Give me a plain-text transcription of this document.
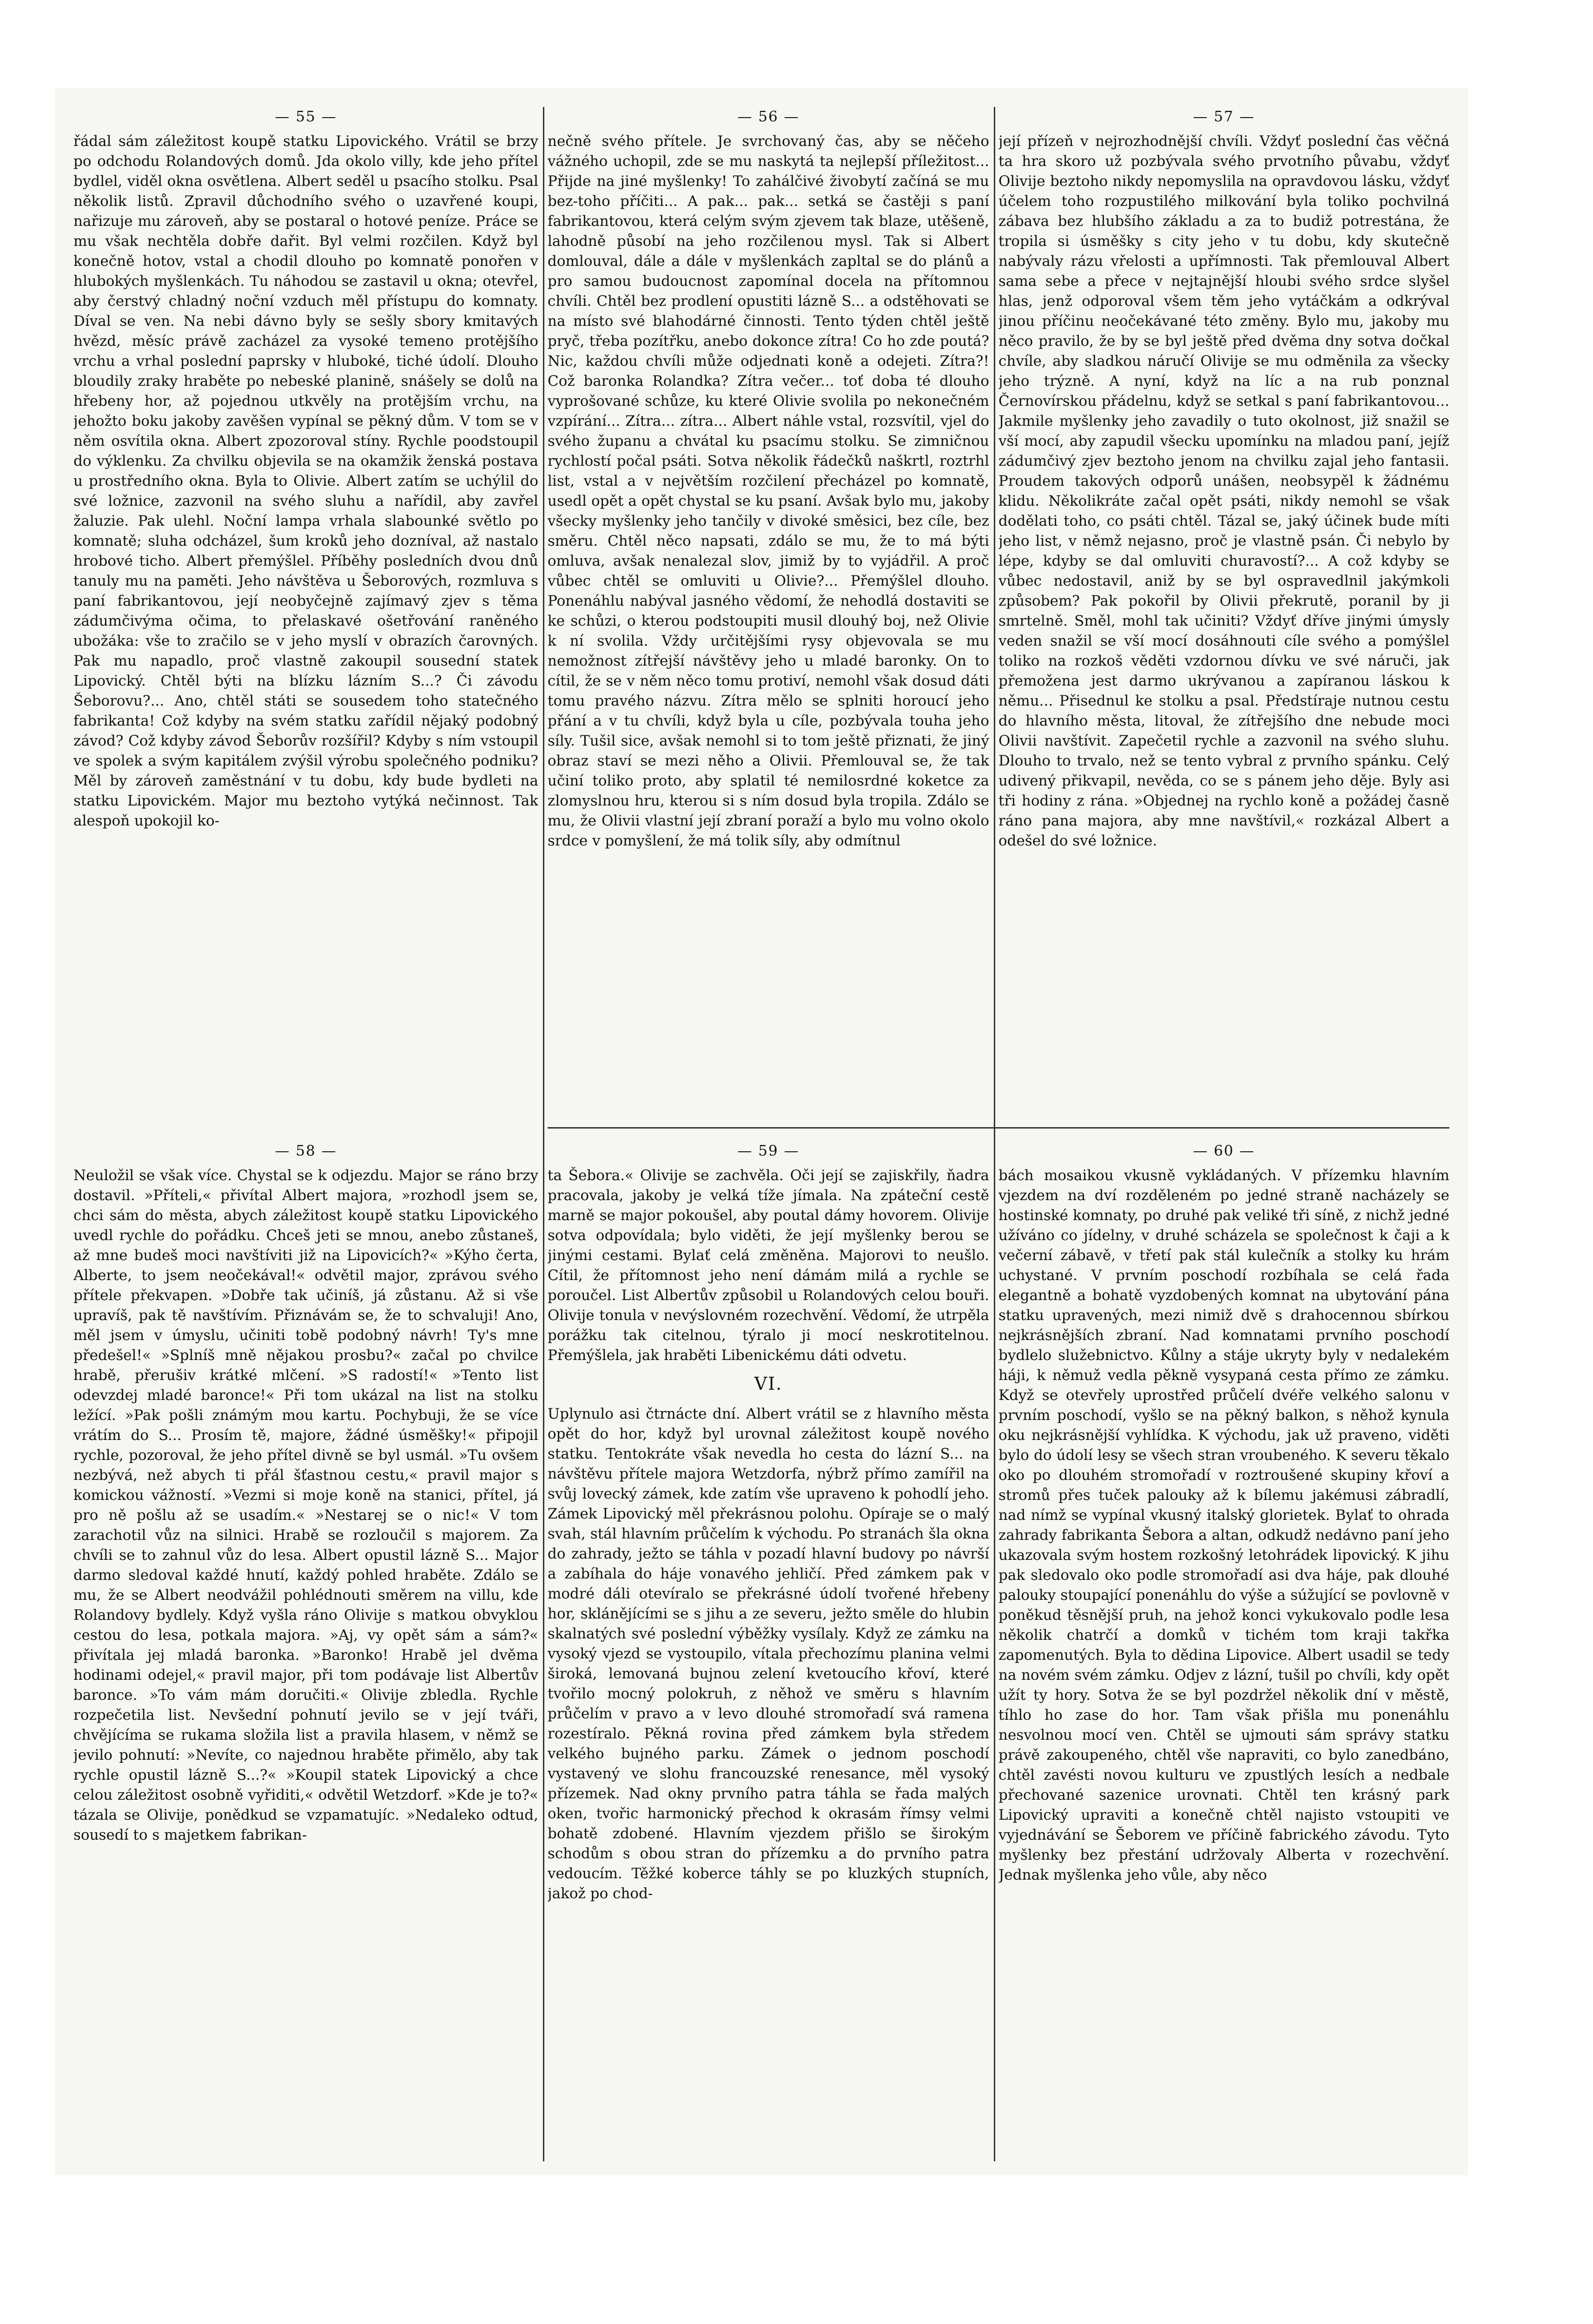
— 55 —

řádal sám záležitost koupě statku Lipovického. Vrátil se brzy po odchodu Rolandových domů. Jda okolo villy, kde jeho přítel bydlel, viděl okna osvětlena. Albert seděl u psacího stolku. Psal několik listů. Zpravil důchodního svého o uzavřené koupi, nařizuje mu zároveň, aby se postaral o hotové peníze. Práce se mu však nechtěla dobře dařit. Byl velmi rozčilen. Když byl konečně hotov, vstal a chodil dlouho po komnatě ponořen v hlubokých myšlenkách. Tu náhodou se zastavil u okna; otevřel, aby čerstvý chladný noční vzduch měl přístupu do komnaty. Díval se ven. Na nebi dávno byly se sešly sbory kmitavých hvězd, měsíc právě zacházel za vysoké temeno protějšího vrchu a vrhal poslední paprsky v hluboké, tiché údolí. Dlouho bloudily zraky hraběte po nebeské planině, snášely se dolů na hřebeny hor, až pojednou utkvěly na protějším vrchu, na jehožto boku jakoby zavěšen vypínal se pěkný dům. V tom se v něm osvítila okna. Albert zpozoroval stíny. Rychle poodstoupil do výklenku. Za chvilku objevila se na okamžik ženská postava u prostředního okna. Byla to Olivie. Albert zatím se uchýlil do své ložnice, zazvonil na svého sluhu a nařídil, aby zavřel žaluzie. Pak ulehl. Noční lampa vrhala slabounké světlo po komnatě; sluha odcházel, šum kroků jeho dozníval, až nastalo hrobové ticho. Albert přemýšlel. Příběhy posledních dvou dnů tanuly mu na paměti. Jeho návštěva u Šeborových, rozmluva s paní fabrikantovou, její neobyčejně zajímavý zjev s těma zádumčivýma očima, to přelaskavé ošetřování raněného ubožáka: vše to zračilo se v jeho myslí v obrazích čarovných. Pak mu napadlo, proč vlastně zakoupil sousední statek Lipovický. Chtěl býti na blízku lázním S...? Či závodu Šeborovu?... Ano, chtěl státi se sousedem toho statečného fabrikanta! Což kdyby na svém statku zařídil nějaký podobný závod? Což kdyby závod Šeborův rozšířil? Kdyby s ním vstoupil ve spolek a svým kapitálem zvýšil výrobu společného podniku? Měl by zároveň zaměstnání v tu dobu, kdy bude bydleti na statku Lipovickém. Major mu beztoho vytýká nečinnost. Tak alespoň upokojil ko-

— 56 —

nečně svého přítele. Je svrchovaný čas, aby se něčeho vážného uchopil, zde se mu naskytá ta nejlepší příležitost... Přijde na jiné myšlenky! To zahálčivé živobytí začíná se mu bez-toho příčiti... A pak... pak... setká se častěji s paní fabrikantovou, která celým svým zjevem tak blaze, utěšeně, lahodně působí na jeho rozčilenou mysl. Tak si Albert domlouval, dále a dále v myšlenkách zapltal se do plánů a pro samou budoucnost zapomínal docela na přítomnou chvíli. Chtěl bez prodlení opustiti lázně S... a odstěhovati se na místo své blahodárné činnosti. Tento týden chtěl ještě pryč, třeba pozítřku, anebo dokonce zítra! Co ho zde poutá? Nic, každou chvíli může odjednati koně a odejeti. Zítra?! Což baronka Rolandka? Zítra večer... toť doba té dlouho vyprošované schůze, ku které Olivie svolila po nekonečném vzpírání... Zítra... zítra... Albert náhle vstal, rozsvítil, vjel do svého županu a chvátal ku psacímu stolku. Se zimničnou rychlostí počal psáti. Sotva několik řádečků naškrtl, roztrhl list, vstal a v největším rozčilení přecházel po komnatě, usedl opět a opět chystal se ku psaní. Avšak bylo mu, jakoby všecky myšlenky jeho tančily v divoké směsici, bez cíle, bez směru. Chtěl něco napsati, zdálo se mu, že to má býti omluva, avšak nenalezal slov, jimiž by to vyjádřil. A proč vůbec chtěl se omluviti u Olivie?... Přemýšlel dlouho. Ponenáhlu nabýval jasného vědomí, že nehodlá dostaviti se ke schůzi, o kterou podstoupiti musil dlouhý boj, než Olivie k ní svolila. Vždy určitějšími rysy objevovala se mu nemožnost zítřejší návštěvy jeho u mladé baronky. On to cítil, že se v něm něco tomu protiví, nemohl však dosud dáti tomu pravého názvu. Zítra mělo se splniti horoucí jeho přání a v tu chvíli, když byla u cíle, pozbývala touha jeho síly. Tušil sice, avšak nemohl si to tom ještě přiznati, že jiný obraz staví se mezi něho a Olivii. Přemlouval se, že tak učiní toliko proto, aby splatil té nemilosrdné koketce za zlomyslnou hru, kterou si s ním dosud byla tropila. Zdálo se mu, že Olivii vlastní její zbraní poraží a bylo mu volno okolo srdce v pomyšlení, že má tolik síly, aby odmítnul

— 57 —

její přízeň v nejrozhodnější chvíli. Vždyť poslední čas věčná ta hra skoro už pozbývala svého prvotního půvabu, vždyť Olivije beztoho nikdy nepomyslila na opravdovou lásku, vždyť účelem toho rozpustilého milkování byla toliko pochvilná zábava bez hlubšího základu a za to budiž potrestána, že tropila si úsměšky s city jeho v tu dobu, kdy skutečně nabývaly rázu vřelosti a upřímnosti. Tak přemlouval Albert sama sebe a přece v nejtajnější hloubi svého srdce slyšel hlas, jenž odporoval všem těm jeho vytáčkám a odkrýval jinou příčinu neočekávané této změny. Bylo mu, jakoby mu něco pravilo, že by se byl ještě před dvěma dny sotva dočkal chvíle, aby sladkou náručí Olivije se mu odměnila za všecky jeho trýzně. A nyní, když na líc a na rub ponznal Černovírskou přádelnu, když se setkal s paní fabrikantovou... Jakmile myšlenky jeho zavadily o tuto okolnost, již snažil se vší mocí, aby zapudil všecku upomínku na mladou paní, jejíž zádumčivý zjev beztoho jenom na chvilku zajal jeho fantasii. Proudem takových odporů unášen, neobsypěl k žádnému klidu. Několikráte začal opět psáti, nikdy nemohl se však dodělati toho, co psáti chtěl. Tázal se, jaký účinek bude míti jeho list, v němž nejasno, proč je vlastně psán. Či nebylo by lépe, kdyby se dal omluviti churavostí?... A což kdyby se vůbec nedostavil, aniž by se byl ospravedlnil jakýmkoli způsobem? Pak pokořil by Olivii překrutě, poranil by ji smrtelně. Směl, mohl tak učiniti? Vždyť dříve jinými úmysly veden snažil se vší mocí dosáhnouti cíle svého a pomýšlel toliko na rozkoš věděti vzdornou dívku ve své náruči, jak přemožena jest darmo ukrývanou a zapíranou láskou k němu... Přisednul ke stolku a psal. Předstíraje nutnou cestu do hlavního města, litoval, že zítřejšího dne nebude moci Olivii navštívit. Zapečetil rychle a zazvonil na svého sluhu. Dlouho to trvalo, než se tento vybral z prvního spánku. Celý udivený přikvapil, nevěda, co se s pánem jeho děje. Byly asi tři hodiny z rána. »Objednej na rychlo koně a požádej časně ráno pana majora, aby mne navštívil,« rozkázal Albert a odešel do své ložnice.

— 58 —

Neuložil se však více. Chystal se k odjezdu. Major se ráno brzy dostavil. »Příteli,« přivítal Albert majora, »rozhodl jsem se, chci sám do města, abych záležitost koupě statku Lipovického uvedl rychle do pořádku. Chceš jeti se mnou, anebo zůstaneš, až mne budeš moci navštíviti již na Lipovicích?« »Kýho čerta, Alberte, to jsem neočekával!« odvětil major, zprávou svého přítele překvapen. »Dobře tak učiníš, já zůstanu. Až si vše upravíš, pak tě navštívím. Přiznávám se, že to schvaluji! Ano, měl jsem v úmyslu, učiniti tobě podobný návrh! Ty's mne předešel!« »Splníš mně nějakou prosbu?« začal po chvilce hrabě, přerušiv krátké mlčení. »S radostí!« »Tento list odevzdej mladé baronce!« Při tom ukázal na list na stolku ležící. »Pak pošli známým mou kartu. Pochybuji, že se více vrátím do S... Prosím tě, majore, žádné úsměšky!« připojil rychle, pozoroval, že jeho přítel divně se byl usmál. »Tu ovšem nezbývá, než abych ti přál šťastnou cestu,« pravil major s komickou vážností. »Vezmi si moje koně na stanici, přítel, já pro ně pošlu až se usadím.« »Nestarej se o nic!« V tom zarachotil vůz na silnici. Hrabě se rozloučil s majorem. Za chvíli se to zahnul vůz do lesa. Albert opustil lázně S... Major darmo sledoval každé hnutí, každý pohled hraběte. Zdálo se mu, že se Albert neodvážil pohlédnouti směrem na villu, kde Rolandovy bydlely. Když vyšla ráno Olivije s matkou obvyklou cestou do lesa, potkala majora. »Aj, vy opět sám a sám?« přivítala jej mladá baronka. »Baronko! Hrabě jel dvěma hodinami odejel,« pravil major, při tom podávaje list Albertův baronce. »To vám mám doručiti.« Olivije zbledla. Rychle rozpečetila list. Nevšední pohnutí jevilo se v její tváři, chvějícíma se rukama složila list a pravila hlasem, v němž se jevilo pohnutí: »Nevíte, co najednou hraběte přimělo, aby tak rychle opustil lázně S...?« »Koupil statek Lipovický a chce celou záležitost osobně vyřiditi,« odvětil Wetzdorf. »Kde je to?« tázala se Olivije, ponědkud se vzpamatujíc. »Nedaleko odtud, sousedí to s majetkem fabrikan-

— 59 —

ta Šebora.« Olivije se zachvěla. Oči její se zajiskřily, ňadra pracovala, jakoby je velká tíže jímala. Na zpáteční cestě marně se major pokoušel, aby poutal dámy hovorem. Olivije sotva odpovídala; bylo viděti, že její myšlenky berou se jinými cestami. Bylať celá změněna. Majorovi to neušlo. Cítil, že přítomnost jeho není dámám milá a rychle se poroučel. List Albertův způsobil u Rolandových celou bouři. Olivije tonula v nevýslovném rozechvění. Vědomí, že utrpěla porážku tak citelnou, týralo ji mocí neskrotitelnou. Přemýšlela, jak hraběti Libenickému dáti odvetu.

VI.

Uplynulo asi čtrnácte dní. Albert vrátil se z hlavního města opět do hor, když byl urovnal záležitost koupě nového statku. Tentokráte však nevedla ho cesta do lázní S... na návštěvu přítele majora Wetzdorfa, nýbrž přímo zamířil na svůj lovecký zámek, kde zatím vše upraveno k pohodlí jeho. Zámek Lipovický měl překrásnou polohu. Opíraje se o malý svah, stál hlavním průčelím k východu. Po stranách šla okna do zahrady, ježto se táhla v pozadí hlavní budovy po návrší a zabíhala do háje vonavého jehličí. Před zámkem pak v modré dáli otevíralo se překrásné údolí tvořené hřebeny hor, sklánějícími se s jihu a ze severu, ježto směle do hlubin skalnatých své poslední výběžky vysílaly. Když ze zámku na vysoký vjezd se vystoupilo, vítala přechozímu planina velmi široká, lemovaná bujnou zelení kvetoucího křoví, které tvořilo mocný polokruh, z něhož ve směru s hlavním průčelím v pravo a v levo dlouhé stromořadí svá ramena rozestíralo. Pěkná rovina před zámkem byla středem velkého bujného parku. Zámek o jednom poschodí vystavený ve slohu francouzské renesance, měl vysoký přízemek. Nad okny prvního patra táhla se řada malých oken, tvořic harmonický přechod k okrasám římsy velmi bohatě zdobené. Hlavním vjezdem přišlo se širokým schodům s obou stran do přízemku a do prvního patra vedoucím. Těžké koberce táhly se po kluzkých stupních, jakož po chod-

— 60 —

bách mosaikou vkusně vykládaných. V přízemku hlavním vjezdem na dví rozděleném po jedné straně nacházely se hostinské komnaty, po druhé pak veliké tři síně, z nichž jedné užíváno co jídelny, v druhé scházela se společnost k čaji a k večerní zábavě, v třetí pak stál kulečník a stolky ku hrám uchystané. V prvním poschodí rozbíhala se celá řada elegantně a bohatě vyzdobených komnat na ubytování pána statku upravených, mezi nimiž dvě s drahocennou sbírkou nejkrásnějších zbraní. Nad komnatami prvního poschodí bydlelo služebnictvo. Kůlny a stáje ukryty byly v nedalekém háji, k němuž vedla pěkně vysypaná cesta přímo ze zámku. Když se otevřely uprostřed průčelí dvéře velkého salonu v prvním poschodí, vyšlo se na pěkný balkon, s něhož kynula oku nejkrásnější vyhlídka. K východu, jak už praveno, viděti bylo do údolí lesy se všech stran vroubeného. K severu těkalo oko po dlouhém stromořadí v roztroušené skupiny křoví a stromů přes tuček palouky až k bílemu jakémusi zábradlí, nad nímž se vypínal vkusný italský glorietek. Bylať to ohrada zahrady fabrikanta Šebora a altan, odkudž nedávno paní jeho ukazovala svým hostem rozkošný letohrádek lipovický. K jihu pak sledovalo oko podle stromořadí asi dva háje, pak dlouhé palouky stoupající ponenáhlu do výše a súžující se povlovně v poněkud těsnější pruh, na jehož konci vykukovalo podle lesa několik chatrčí a domků v tichém tom kraji takřka zapomenutých. Byla to dědina Lipovice. Albert usadil se tedy na novém svém zámku. Odjev z lázní, tušil po chvíli, kdy opět užít ty hory. Sotva že se byl pozdržel několik dní v městě, tíhlo ho zase do hor. Tam však přišla mu ponenáhlu nesvolnou mocí ven. Chtěl se ujmouti sám správy statku právě zakoupeného, chtěl vše napraviti, co bylo zanedbáno, chtěl zavésti novou kulturu ve zpustlých lesích a nedbale přechované sazenice urovnati. Chtěl ten krásný park Lipovický upraviti a konečně chtěl najisto vstoupiti ve vyjednávání se Šeborem ve příčině fabrického závodu. Tyto myšlenky bez přestání udržovaly Alberta v rozechvění. Jednak myšlenka jeho vůle, aby něco
